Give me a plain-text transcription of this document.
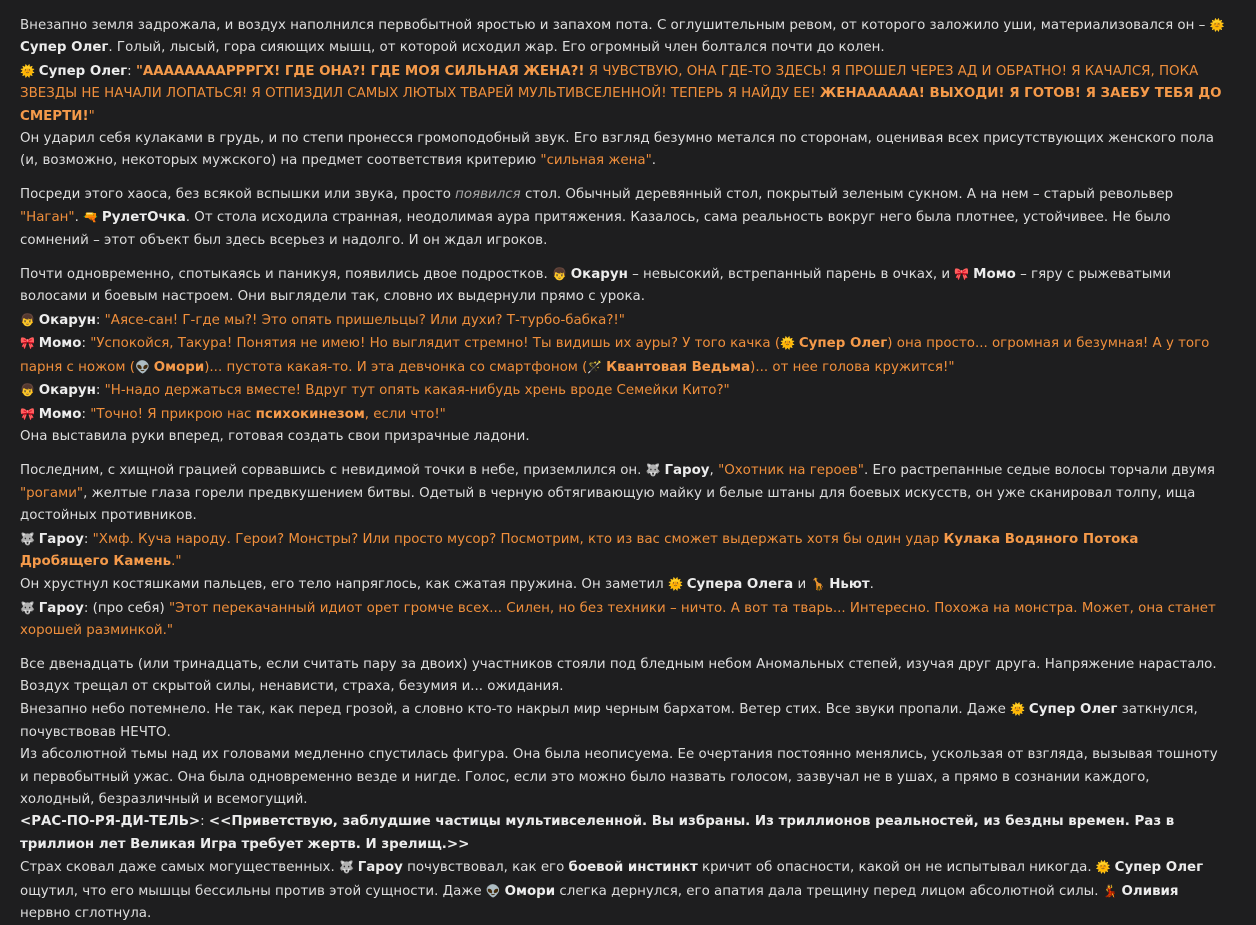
Внезапно земля задрожала, и воздух наполнился первобытной яростью и запахом пота. С оглушительным ревом, от которого заложило уши, материализовался он – 🌞 Супер Олег. Голый, лысый, гора сияющих мышц, от которой исходил жар. Его огромный член болтался почти до колен.

🌞 Супер Олег: "ААААААААРРРГХ! ГДЕ ОНА?! ГДЕ МОЯ СИЛЬНАЯ ЖЕНА?! Я ЧУВСТВУЮ, ОНА ГДЕ-ТО ЗДЕСЬ! Я ПРОШЕЛ ЧЕРЕЗ АД И ОБРАТНО! Я КАЧАЛСЯ, ПОКА ЗВЕЗДЫ НЕ НАЧАЛИ ЛОПАТЬСЯ! Я ОТПИЗДИЛ САМЫХ ЛЮТЫХ ТВАРЕЙ МУЛЬТИВСЕЛЕННОЙ! ТЕПЕРЬ Я НАЙДУ ЕЕ! ЖЕНАААААА! ВЫХОДИ! Я ГОТОВ! Я ЗАЕБУ ТЕБЯ ДО СМЕРТИ!"

Он ударил себя кулаками в грудь, и по степи пронесся громоподобный звук. Его взгляд безумно метался по сторонам, оценивая всех присутствующих женского пола (и, возможно, некоторых мужского) на предмет соответствия критерию "сильная жена".

Посреди этого хаоса, без всякой вспышки или звука, просто появился стол. Обычный деревянный стол, покрытый зеленым сукном. А на нем – старый револьвер "Наган". 🔫 РулетОчка. От стола исходила странная, неодолимая аура притяжения. Казалось, сама реальность вокруг него была плотнее, устойчивее. Не было сомнений – этот объект был здесь всерьез и надолго. И он ждал игроков.

Почти одновременно, спотыкаясь и паникуя, появились двое подростков. 👦 Окарун – невысокий, встрепанный парень в очках, и 🎀 Момо – гяру с рыжеватыми волосами и боевым настроем. Они выглядели так, словно их выдернули прямо с урока.

👦 Окарун: "Аясе-сан! Г-где мы?! Это опять пришельцы? Или духи? Т-турбо-бабка?!"

🎀 Момо: "Успокойся, Такура! Понятия не имею! Но выглядит стремно! Ты видишь их ауры? У того качка (🌞 Супер Олег) она просто... огромная и безумная! А у того парня с ножом (👽 Омори)... пустота какая-то. И эта девчонка со смартфоном (🪄 Квантовая Ведьма)... от нее голова кружится!"

👦 Окарун: "Н-надо держаться вместе! Вдруг тут опять какая-нибудь хрень вроде Семейки Кито?"

🎀 Момо: "Точно! Я прикрою нас психокинезом, если что!"

Она выставила руки вперед, готовая создать свои призрачные ладони.

Последним, с хищной грацией сорвавшись с невидимой точки в небе, приземлился он. 🐺 Гароу, "Охотник на героев". Его растрепанные седые волосы торчали двумя "рогами", желтые глаза горели предвкушением битвы. Одетый в черную обтягивающую майку и белые штаны для боевых искусств, он уже сканировал толпу, ища достойных противников.

🐺 Гароу: "Хмф. Куча народу. Герои? Монстры? Или просто мусор? Посмотрим, кто из вас сможет выдержать хотя бы один удар Кулака Водяного Потока Дробящего Камень."

Он хрустнул костяшками пальцев, его тело напряглось, как сжатая пружина. Он заметил 🌞 Супера Олега и 🦒 Ньют.

🐺 Гароу: (про себя) "Этот перекачанный идиот орет громче всех... Силен, но без техники – ничто. А вот та тварь... Интересно. Похожа на монстра. Может, она станет хорошей разминкой."

Все двенадцать (или тринадцать, если считать пару за двоих) участников стояли под бледным небом Аномальных степей, изучая друг друга. Напряжение нарастало. Воздух трещал от скрытой силы, ненависти, страха, безумия и... ожидания.

Внезапно небо потемнело. Не так, как перед грозой, а словно кто-то накрыл мир черным бархатом. Ветер стих. Все звуки пропали. Даже 🌞 Супер Олег заткнулся, почувствовав НЕЧТО.

Из абсолютной тьмы над их головами медленно спустилась фигура. Она была неописуема. Ее очертания постоянно менялись, ускользая от взгляда, вызывая тошноту и первобытный ужас. Она была одновременно везде и нигде. Голос, если это можно было назвать голосом, зазвучал не в ушах, а прямо в сознании каждого, холодный, безразличный и всемогущий.

<РАС-ПО-РЯ-ДИ-ТЕЛЬ>: <<Приветствую, заблудшие частицы мультивселенной. Вы избраны. Из триллионов реальностей, из бездны времен. Раз в триллион лет Великая Игра требует жертв. И зрелищ.>>

Страх сковал даже самых могущественных. 🐺 Гароу почувствовал, как его боевой инстинкт кричит об опасности, какой он не испытывал никогда. 🌞 Супер Олег ощутил, что его мышцы бессильны против этой сущности. Даже 👽 Омори слегка дернулся, его апатия дала трещину перед лицом абсолютной силы. 💃 Оливия нервно сглотнула.
